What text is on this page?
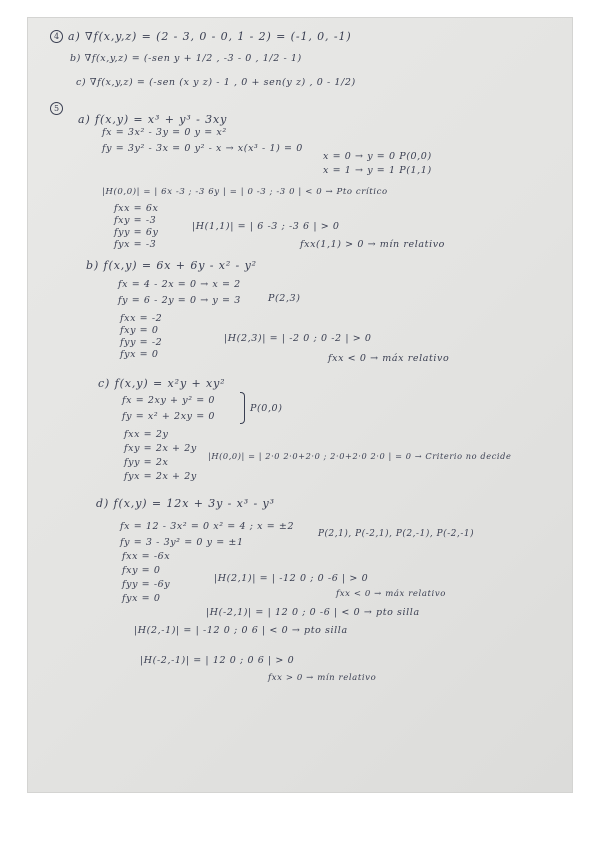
4 a) ∇f(x,y,z) = (2 - 3, 0 - 0, 1 - 2) = (-1, 0, -1)
b) ∇f(x,y,z) = (-sen y + 1/2 , -3 - 0 , 1/2 - 1)
c) ∇f(x,y,z) = (-sen (x y z) - 1 , 0 + sen(y z) , 0 - 1/2)
5
a) f(x,y) = x³ + y³ - 3xy
fx = 3x² - 3y = 0 y = x²
fy = 3y² - 3x = 0 y² - x → x(x³ - 1) = 0
x = 0 → y = 0 P(0,0)
x = 1 → y = 1 P(1,1)
|H(0,0)| = | 6x -3 ; -3 6y | = | 0 -3 ; -3 0 | < 0 → Pto crítico
fxx = 6x
fxy = -3
fyy = 6y
fyx = -3
|H(1,1)| = | 6 -3 ; -3 6 | > 0
fxx(1,1) > 0 → mín relativo
b) f(x,y) = 6x + 6y - x² - y²
fx = 4 - 2x = 0 → x = 2
fy = 6 - 2y = 0 → y = 3	P(2,3)
fxx = -2
fxy = 0
fyy = -2
fyx = 0
|H(2,3)| = | -2 0 ; 0 -2 | > 0
fxx < 0 → máx relativo
c) f(x,y) = x²y + xy²
fx = 2xy + y² = 0
fy = x² + 2xy = 0
P(0,0)
fxx = 2y
fxy = 2x + 2y
fyy = 2x
fyx = 2x + 2y
|H(0,0)| = | 2·0 2·0+2·0 ; 2·0+2·0 2·0 | = 0 → Criterio no decide
d) f(x,y) = 12x + 3y - x³ - y³
fx = 12 - 3x² = 0 x² = 4 ; x = ±2
fy = 3 - 3y² = 0 y = ±1
P(2,1), P(-2,1), P(2,-1), P(-2,-1)
fxx = -6x
fxy = 0
fyy = -6y
fyx = 0
|H(2,1)| = | -12 0 ; 0 -6 | > 0
fxx < 0 → máx relativo
|H(-2,1)| = | 12 0 ; 0 -6 | < 0 → pto silla
|H(2,-1)| = | -12 0 ; 0 6 | < 0 → pto silla
|H(-2,-1)| = | 12 0 ; 0 6 | > 0
fxx > 0 → mín relativo
